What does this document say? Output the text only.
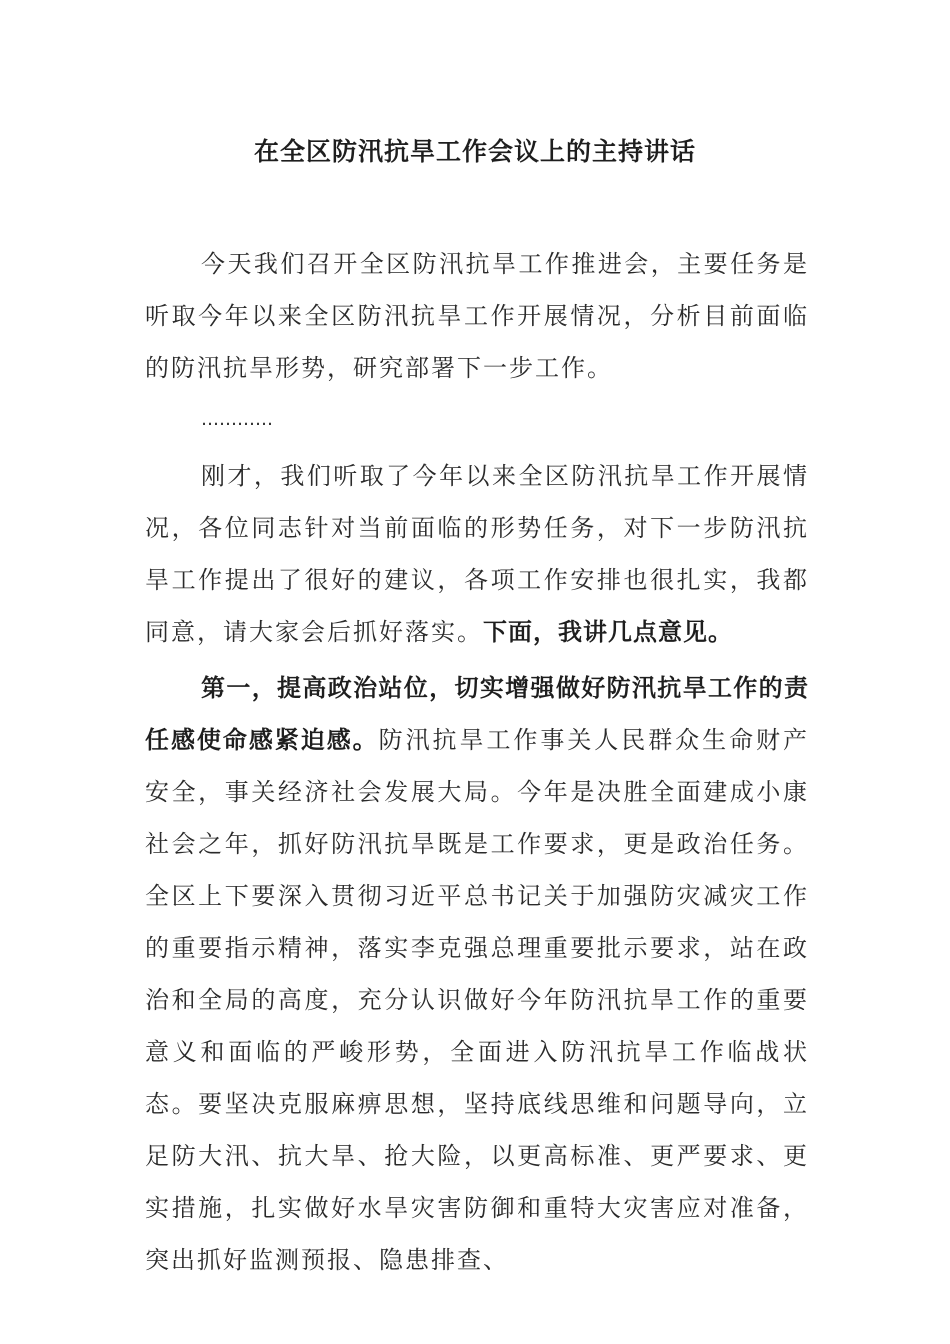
在全区防汛抗旱工作会议上的主持讲话

今天我们召开全区防汛抗旱工作推进会，主要任务是听取今年以来全区防汛抗旱工作开展情况，分析目前面临的防汛抗旱形势，研究部署下一步工作。

…………

刚才，我们听取了今年以来全区防汛抗旱工作开展情况，各位同志针对当前面临的形势任务，对下一步防汛抗旱工作提出了很好的建议，各项工作安排也很扎实，我都同意，请大家会后抓好落实。下面，我讲几点意见。

第一，提高政治站位，切实增强做好防汛抗旱工作的责任感使命感紧迫感。防汛抗旱工作事关人民群众生命财产安全，事关经济社会发展大局。今年是决胜全面建成小康社会之年，抓好防汛抗旱既是工作要求，更是政治任务。全区上下要深入贯彻习近平总书记关于加强防灾减灾工作的重要指示精神，落实李克强总理重要批示要求，站在政治和全局的高度，充分认识做好今年防汛抗旱工作的重要意义和面临的严峻形势，全面进入防汛抗旱工作临战状态。要坚决克服麻痹思想，坚持底线思维和问题导向，立足防大汛、抗大旱、抢大险，以更高标准、更严要求、更实措施，扎实做好水旱灾害防御和重特大灾害应对准备，突出抓好监测预报、隐患排查、
